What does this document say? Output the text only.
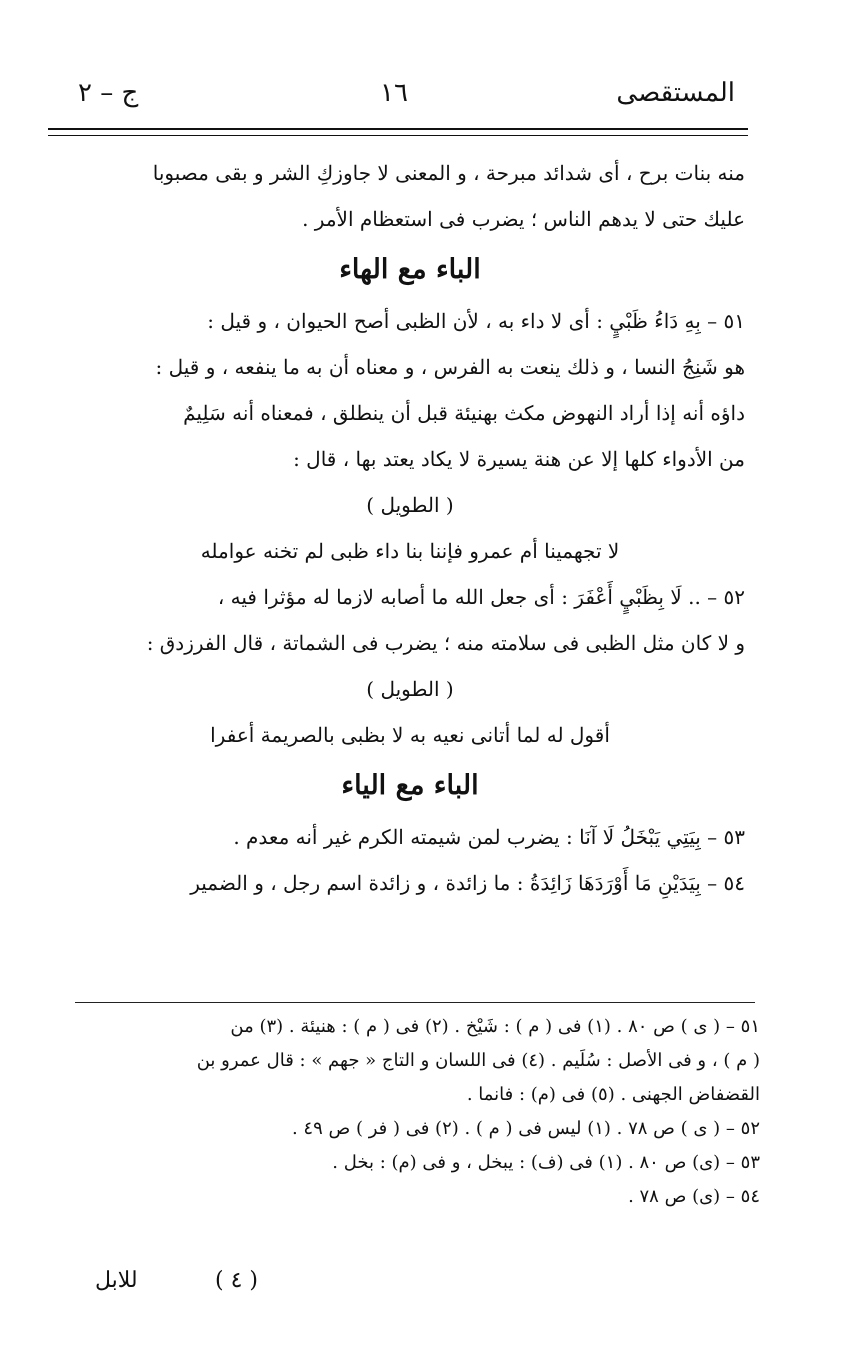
المستقصى
١٦
ج – ٢
منه بنات برح ، أى شدائد مبرحة ، و المعنى لا جاوزكِ الشر و بقى مصبوبا
عليك حتى لا يدهم الناس ؛ يضرب فى استعظام الأمر .
الباء مع الهاء
٥١ – بِهِ دَاءُ ظَبْيٍ : أى لا داء به ، لأن الظبى أصح الحيوان ، و قيل :
هو شَنِجُ النسا ، و ذلك ينعت به الفرس ، و معناه أن به ما ينفعه ، و قيل :
داؤه أنه إذا أراد النهوض مكث بهنيئة قبل أن ينطلق ، فمعناه أنه سَلِيمٌ
من الأدواء كلها إلا عن هنة يسيرة لا يكاد يعتد بها ، قال :
( الطويل )
لا تجهمينا أم عمرو فإننا بنا داء ظبى لم تخنه عوامله
٥٢ – .. لَا بِظَبْيٍ أَعْفَرَ : أى جعل الله ما أصابه لازما له مؤثرا فيه ،
و لا كان مثل الظبى فى سلامته منه ؛ يضرب فى الشماتة ، قال الفرزدق :
( الطويل )
أقول له لما أتانى نعيه به لا بظبى بالصريمة أعفرا
الباء مع الياء
٥٣ – بِيَتِي يَبْخَلُ لَا آنَا : يضرب لمن شيمته الكرم غير أنه معدم .
٥٤ – بِيَدَيْنِ مَا أَوْرَدَهَا زَائِدَةُ : ما زائدة ، و زائدة اسم رجل ، و الضمير
٥١ – ( ى ) ص ٨٠ . (١) فى ( م ) : شَيْخ . (٢) فى ( م ) : هنيئة . (٣) من
( م ) ، و فى الأصل : سُلَيم . (٤) فى اللسان و التاج « جهم » : قال عمرو بن
القضفاض الجهنى . (٥) فى (م) : فانما .
٥٢ – ( ى ) ص ٧٨ . (١) ليس فى ( م ) . (٢) فى ( فر ) ص ٤٩ .
٥٣ – (ى) ص ٨٠ . (١) فى (ف) : يبخل ، و فى (م) : بخل .
٥٤ – (ى) ص ٧٨ .
( ٤ )
للابل
